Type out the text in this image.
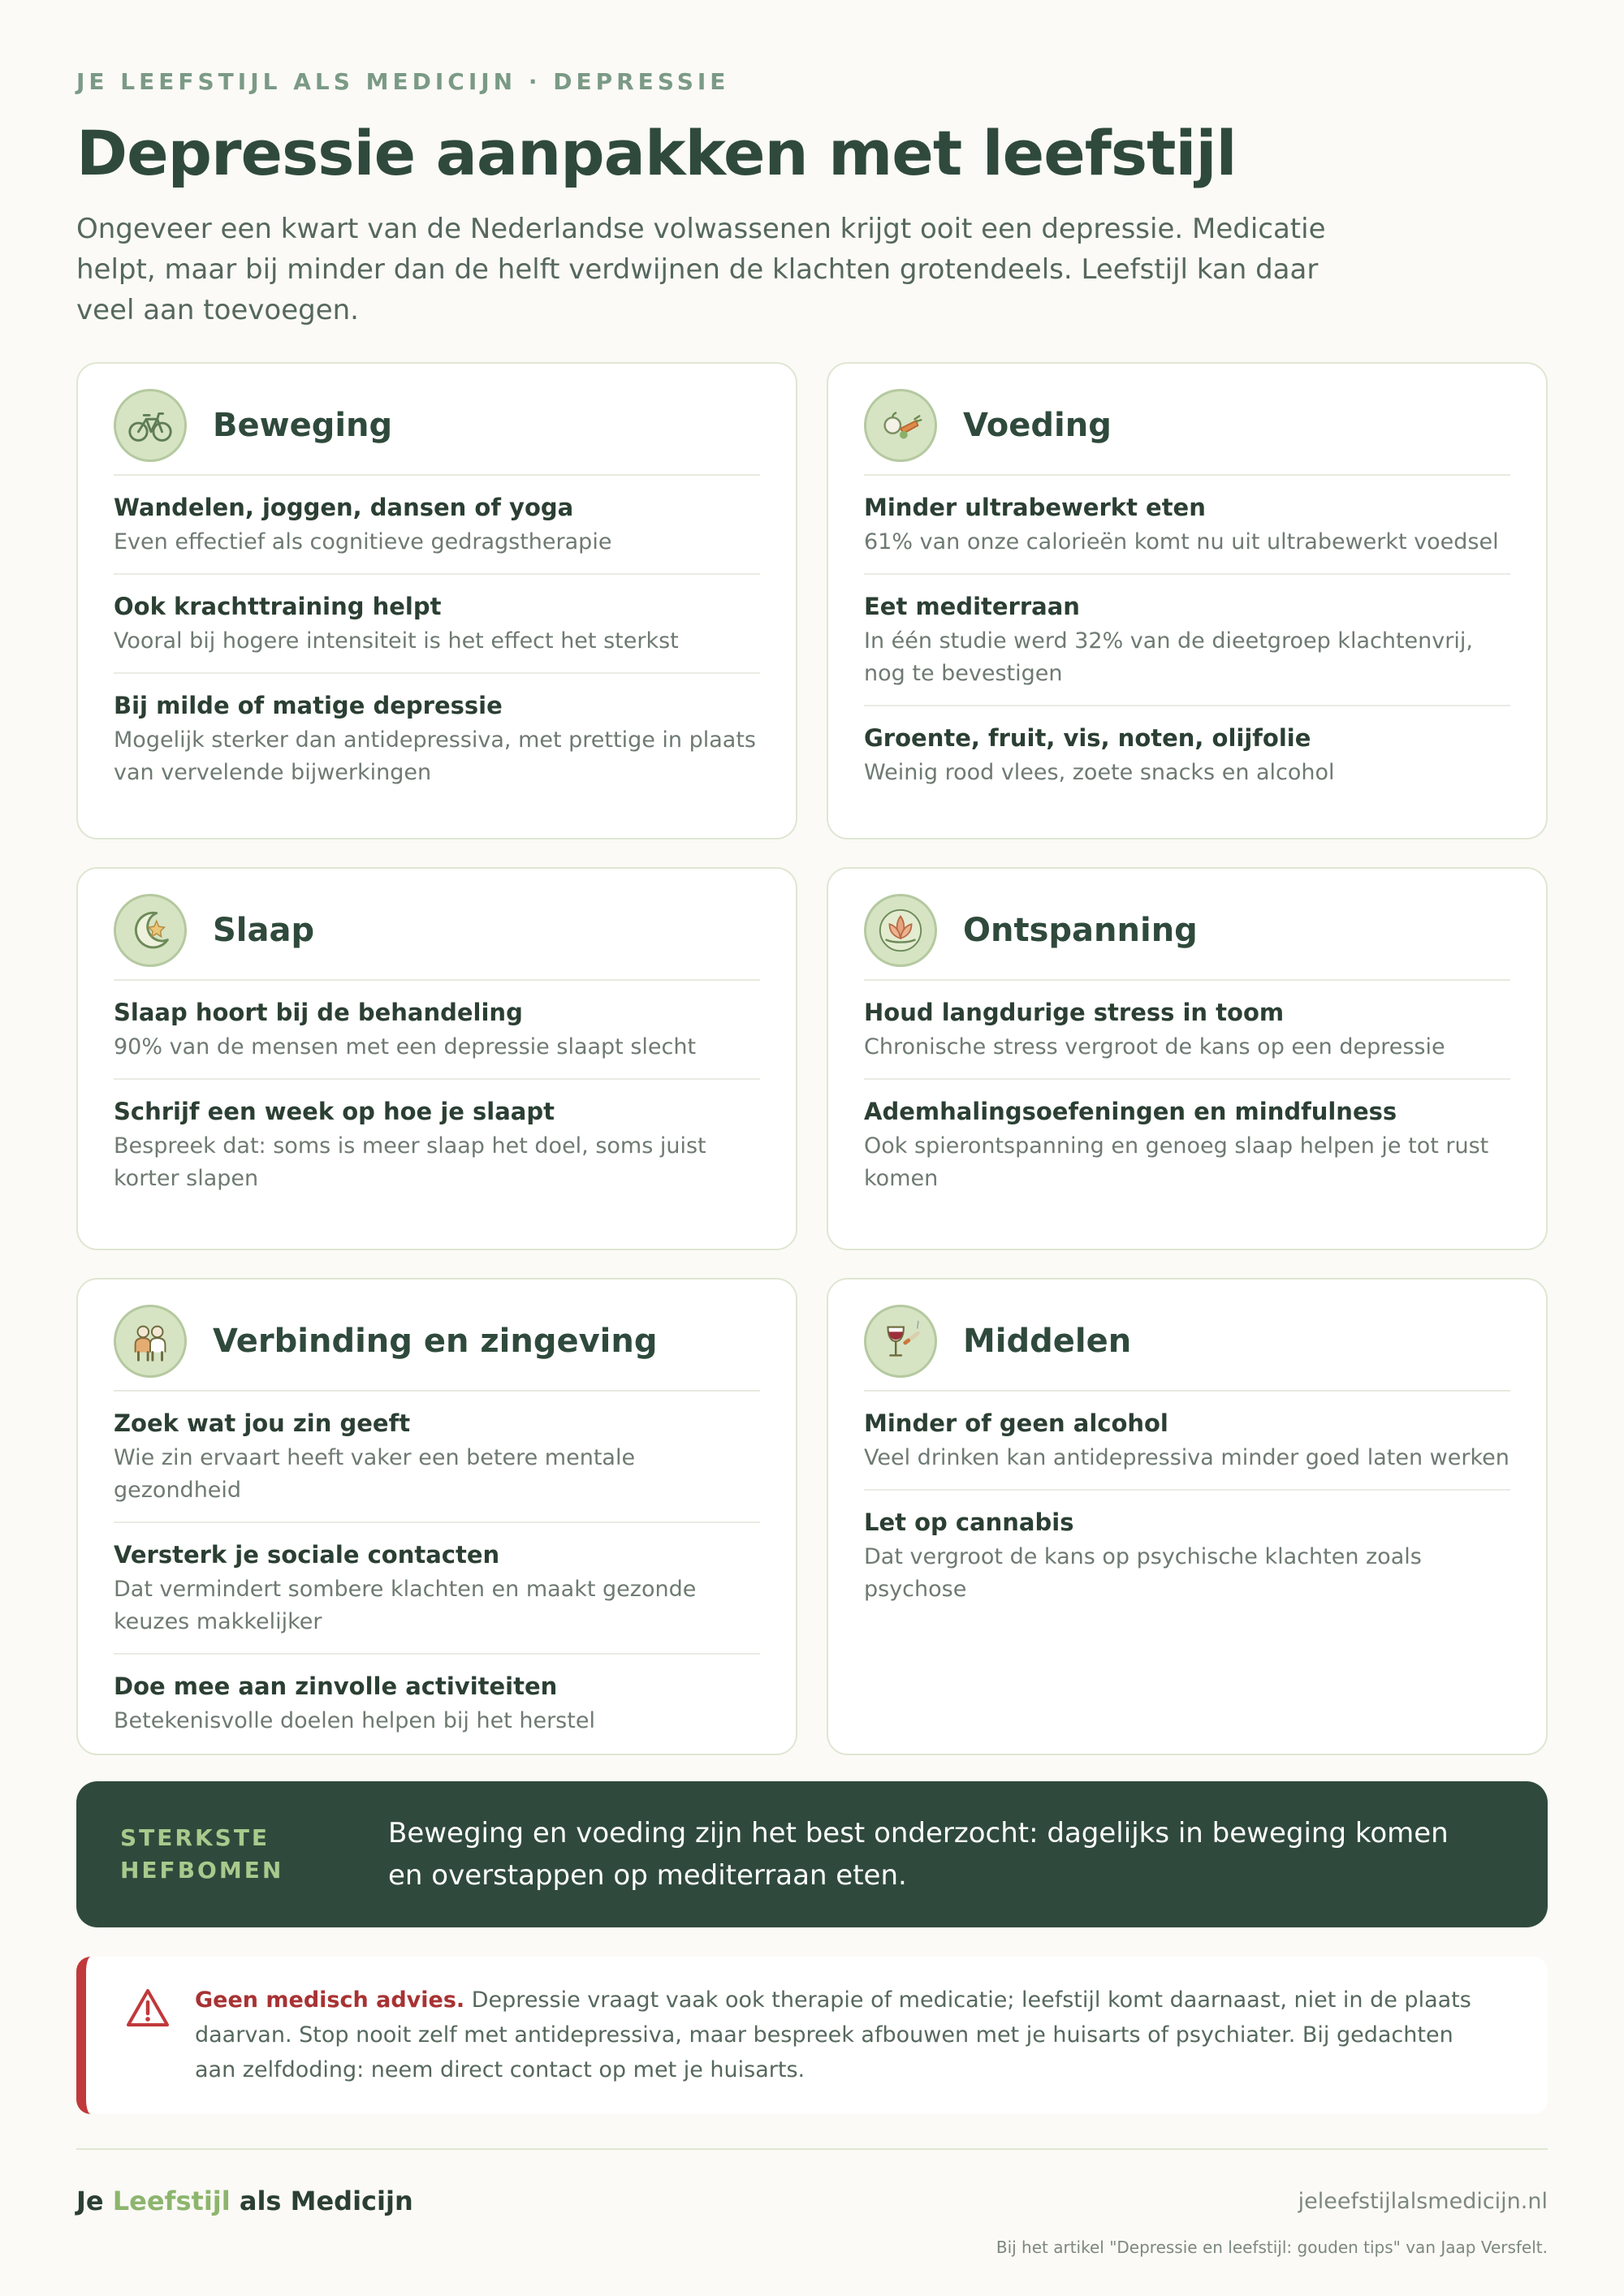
JE LEEFSTIJL ALS MEDICIJN · DEPRESSIE
Depressie aanpakken met leefstijl

Ongeveer een kwart van de Nederlandse volwassenen krijgt ooit een depressie. Medicatie helpt, maar bij minder dan de helft verdwijnen de klachten grotendeels. Leefstijl kan daar veel aan toevoegen.

Beweging
Wandelen, joggen, dansen of yoga
Even effectief als cognitieve gedragstherapie
Ook krachttraining helpt
Vooral bij hogere intensiteit is het effect het sterkst
Bij milde of matige depressie
Mogelijk sterker dan antidepressiva, met prettige in plaats van vervelende bijwerkingen
Voeding
Minder ultrabewerkt eten
61% van onze calorieën komt nu uit ultrabewerkt voedsel
Eet mediterraan
In één studie werd 32% van de dieetgroep klachtenvrij, nog te bevestigen
Groente, fruit, vis, noten, olijfolie
Weinig rood vlees, zoete snacks en alcohol
Slaap
Slaap hoort bij de behandeling
90% van de mensen met een depressie slaapt slecht
Schrijf een week op hoe je slaapt
Bespreek dat: soms is meer slaap het doel, soms juist korter slapen
Ontspanning
Houd langdurige stress in toom
Chronische stress vergroot de kans op een depressie
Ademhalingsoefeningen en mindfulness
Ook spierontspanning en genoeg slaap helpen je tot rust komen
Verbinding en zingeving
Zoek wat jou zin geeft
Wie zin ervaart heeft vaker een betere mentale gezondheid
Versterk je sociale contacten
Dat vermindert sombere klachten en maakt gezonde keuzes makkelijker
Doe mee aan zinvolle activiteiten
Betekenisvolle doelen helpen bij het herstel
Middelen
Minder of geen alcohol
Veel drinken kan antidepressiva minder goed laten werken
Let op cannabis
Dat vergroot de kans op psychische klachten zoals psychose
STERKSTE HEFBOMEN
Beweging en voeding zijn het best onderzocht: dagelijks in beweging komen en overstappen op mediterraan eten.

Geen medisch advies. Depressie vraagt vaak ook therapie of medicatie; leefstijl komt daarnaast, niet in de plaats daarvan. Stop nooit zelf met antidepressiva, maar bespreek afbouwen met je huisarts of psychiater. Bij gedachten aan zelfdoding: neem direct contact op met je huisarts.

Je Leefstijl als Medicijn	jeleefstijlalsmedicijn.nl
Bij het artikel "Depressie en leefstijl: gouden tips" van Jaap Versfelt.
